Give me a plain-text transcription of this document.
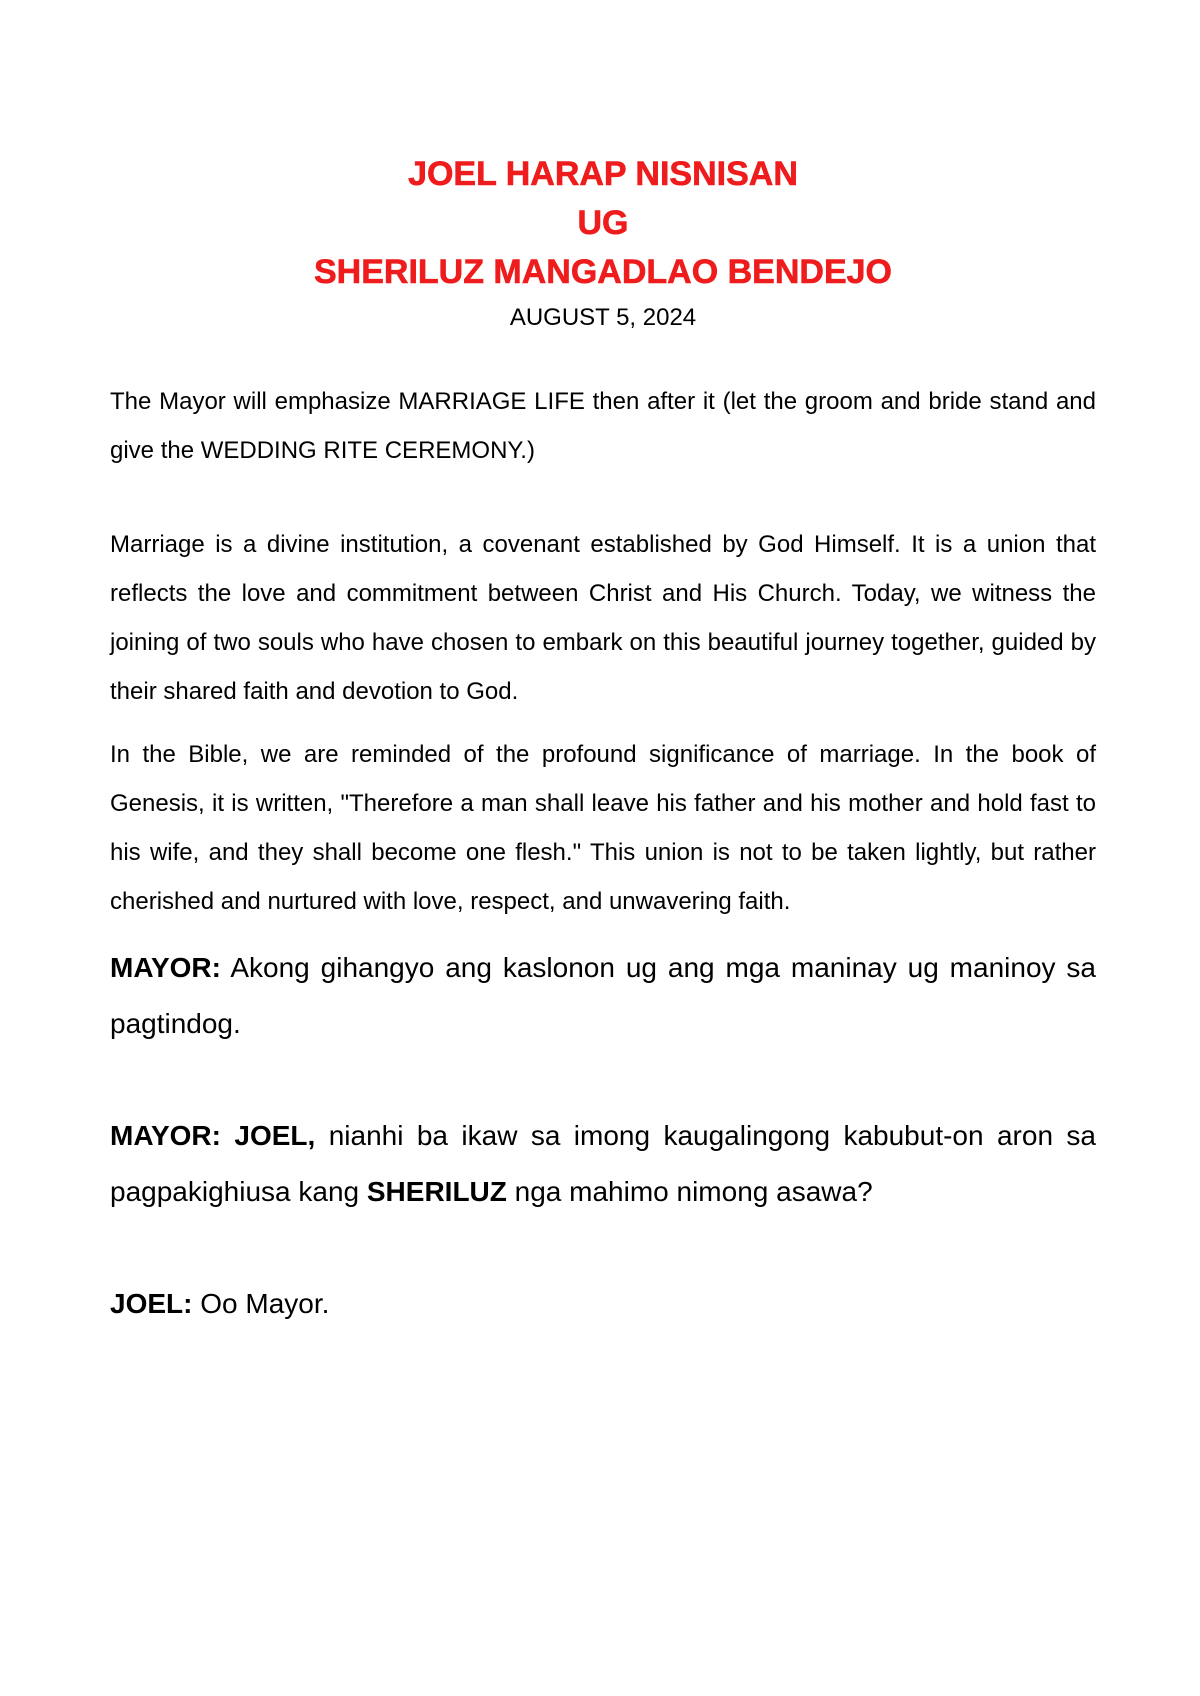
JOEL HARAP NISNISAN
UG
SHERILUZ MANGADLAO BENDEJO
AUGUST 5, 2024

The Mayor will emphasize MARRIAGE LIFE then after it (let the groom and bride stand and give the WEDDING RITE CEREMONY.)

Marriage is a divine institution, a covenant established by God Himself. It is a union that reflects the love and commitment between Christ and His Church. Today, we witness the joining of two souls who have chosen to embark on this beautiful journey together, guided by their shared faith and devotion to God.

In the Bible, we are reminded of the profound significance of marriage. In the book of Genesis, it is written, "Therefore a man shall leave his father and his mother and hold fast to his wife, and they shall become one flesh." This union is not to be taken lightly, but rather cherished and nurtured with love, respect, and unwavering faith.

MAYOR: Akong gihangyo ang kaslonon ug ang mga maninay ug maninoy sa pagtindog.

MAYOR: JOEL, nianhi ba ikaw sa imong kaugalingong kabubut-on aron sa pagpakighiusa kang SHERILUZ nga mahimo nimong asawa?

JOEL: Oo Mayor.
